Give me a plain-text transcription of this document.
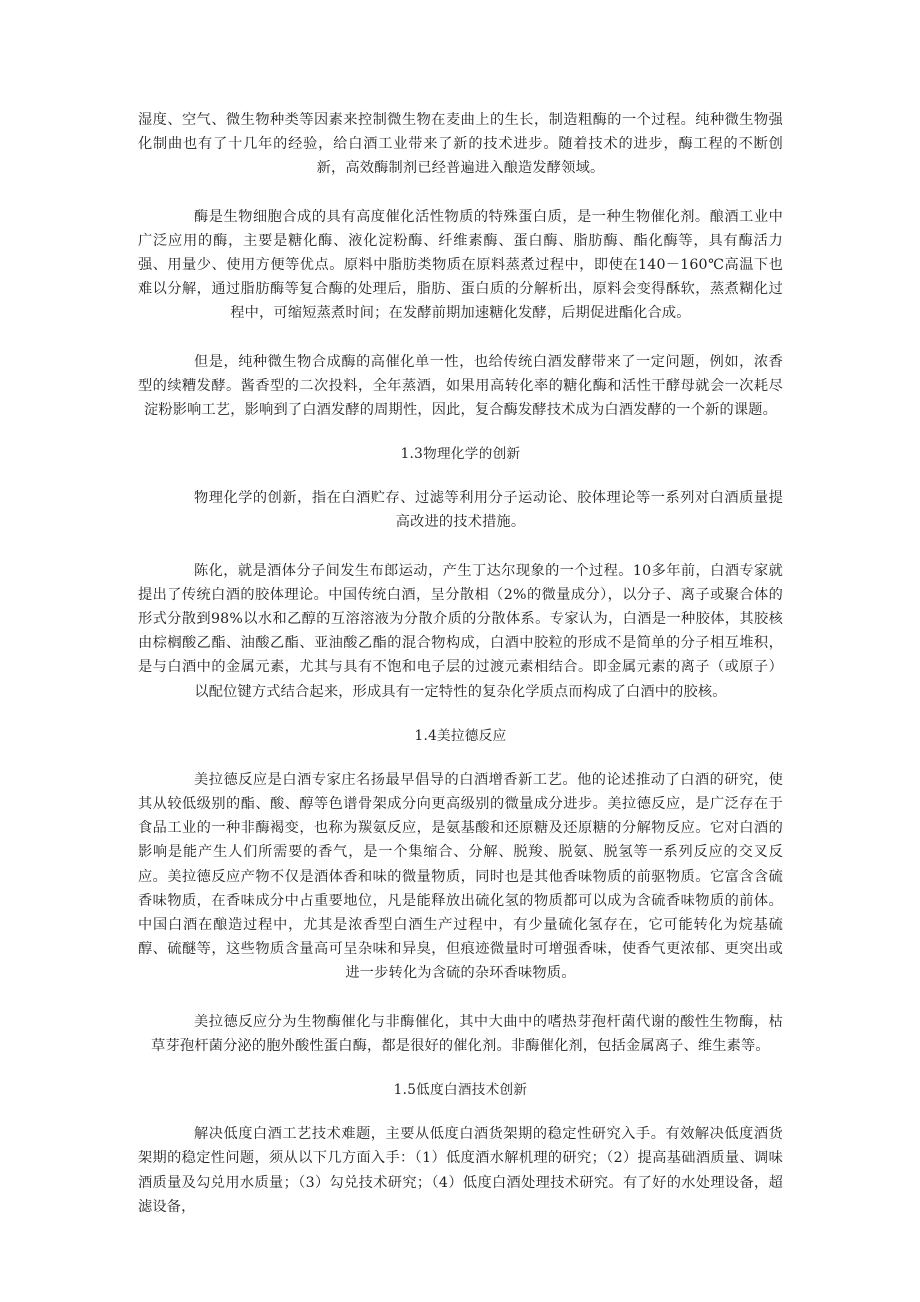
湿度、空气、微生物种类等因素来控制微生物在麦曲上的生长，制造粗酶的一个过程。纯种微生物强化制曲也有了十几年的经验，给白酒工业带来了新的技术进步。随着技术的进步，酶工程的不断创新，高效酶制剂已经普遍进入酿造发酵领域。

酶是生物细胞合成的具有高度催化活性物质的特殊蛋白质，是一种生物催化剂。酿酒工业中广泛应用的酶，主要是糖化酶、液化淀粉酶、纤维素酶、蛋白酶、脂肪酶、酯化酶等，具有酶活力强、用量少、使用方便等优点。原料中脂肪类物质在原料蒸煮过程中，即使在140－160℃高温下也难以分解，通过脂肪酶等复合酶的处理后，脂肪、蛋白质的分解析出，原料会变得酥软，蒸煮糊化过程中，可缩短蒸煮时间；在发酵前期加速糖化发酵，后期促进酯化合成。

但是，纯种微生物合成酶的高催化单一性，也给传统白酒发酵带来了一定问题，例如，浓香型的续糟发酵。酱香型的二次投料，全年蒸酒，如果用高转化率的糖化酶和活性干酵母就会一次耗尽淀粉影响工艺，影响到了白酒发酵的周期性，因此，复合酶发酵技术成为白酒发酵的一个新的课题。

1.3物理化学的创新

物理化学的创新，指在白酒贮存、过滤等利用分子运动论、胶体理论等一系列对白酒质量提高改进的技术措施。

陈化，就是酒体分子间发生布郎运动，产生丁达尔现象的一个过程。10多年前，白酒专家就提出了传统白酒的胶体理论。中国传统白酒，呈分散相（2%的微量成分），以分子、离子或聚合体的形式分散到98%以水和乙醇的互溶溶液为分散介质的分散体系。专家认为，白酒是一种胶体，其胶核由棕榈酸乙酯、油酸乙酯、亚油酸乙酯的混合物构成，白酒中胶粒的形成不是简单的分子相互堆积，是与白酒中的金属元素，尤其与具有不饱和电子层的过渡元素相结合。即金属元素的离子（或原子）以配位键方式结合起来，形成具有一定特性的复杂化学质点而构成了白酒中的胶核。

1.4美拉德反应

美拉德反应是白酒专家庄名扬最早倡导的白酒增香新工艺。他的论述推动了白酒的研究，使其从较低级别的酯、酸、醇等色谱骨架成分向更高级别的微量成分进步。美拉德反应，是广泛存在于食品工业的一种非酶褐变，也称为羰氨反应，是氨基酸和还原糖及还原糖的分解物反应。它对白酒的影响是能产生人们所需要的香气，是一个集缩合、分解、脱羧、脱氨、脱氢等一系列反应的交叉反应。美拉德反应产物不仅是酒体香和味的微量物质，同时也是其他香味物质的前驱物质。它富含含硫香味物质，在香味成分中占重要地位，凡是能释放出硫化氢的物质都可以成为含硫香味物质的前体。中国白酒在酿造过程中，尤其是浓香型白酒生产过程中，有少量硫化氢存在，它可能转化为烷基硫醇、硫醚等，这些物质含量高可呈杂味和异臭，但痕迹微量时可增强香味，使香气更浓郁、更突出或进一步转化为含硫的杂环香味物质。

美拉德反应分为生物酶催化与非酶催化，其中大曲中的嗜热芽孢杆菌代谢的酸性生物酶，枯草芽孢杆菌分泌的胞外酸性蛋白酶，都是很好的催化剂。非酶催化剂，包括金属离子、维生素等。

1.5低度白酒技术创新

解决低度白酒工艺技术难题，主要从低度白酒货架期的稳定性研究入手。有效解决低度酒货架期的稳定性问题，须从以下几方面入手：（1）低度酒水解机理的研究；（2）提高基础酒质量、调味酒质量及勾兑用水质量；（3）勾兑技术研究；（4）低度白酒处理技术研究。有了好的水处理设备，超滤设备，
